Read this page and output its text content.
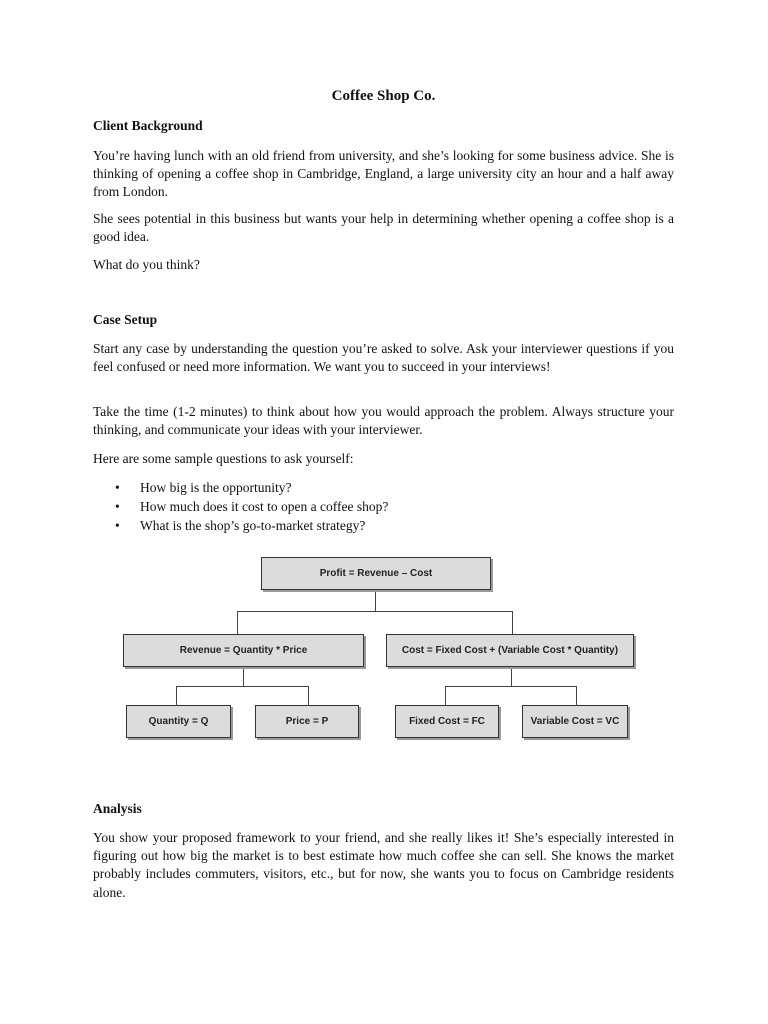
Coffee Shop Co.
Client Background

You’re having lunch with an old friend from university, and she’s looking for some business advice. She is thinking of opening a coffee shop in Cambridge, England, a large university city an hour and a half away from London.

She sees potential in this business but wants your help in determining whether opening a coffee shop is a good idea.

What do you think?

Case Setup

Start any case by understanding the question you’re asked to solve. Ask your interviewer questions if you feel confused or need more information. We want you to succeed in your interviews!

Take the time (1-2 minutes) to think about how you would approach the problem. Always structure your thinking, and communicate your ideas with your interviewer.

Here are some sample questions to ask yourself:

• How big is the opportunity?
• How much does it cost to open a coffee shop?
• What is the shop’s go-to-market strategy?
Analysis

You show your proposed framework to your friend, and she really likes it! She’s especially interested in figuring out how big the market is to best estimate how much coffee she can sell. She knows the market probably includes commuters, visitors, etc., but for now, she wants you to focus on Cambridge residents alone.

Profit = Revenue – Cost
Revenue = Quantity * Price	Cost = Fixed Cost + (Variable Cost * Quantity)
Quantity = Q	Price = P	Fixed Cost = FC	Variable Cost = VC
